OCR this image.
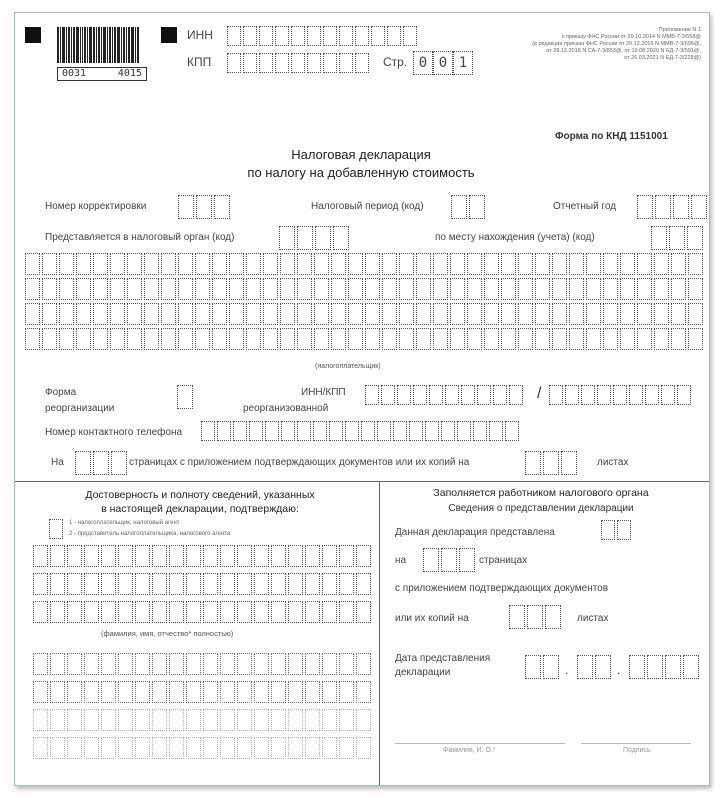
0031	4015
ИНН
КПП	Стр. 0 0 1
Приложение N 1
к приказу ФНС России от 29.10.2014 N ММВ-7-3/558@
(в редакции приказа ФНС России от 20.12.2016 N ММВ-7-3/696@,
от 28.12.2018 N СА-7-3/853@, от 19.08.2020 N ЕД-7-3/591@,
от 26.03.2021 N ЕД-7-3/228@)
Форма по КНД 1151001
Налоговая декларация
по налогу на добавленную стоимость
Номер корректировки	Налоговый период (код)	Отчетный год
Представляется в налоговый орган (код)	по месту нахождения (учета) (код)
(налогоплательщик)
Форма
реорганизации
ИНН/КПП
реорганизованной
/
Номер контактного телефона
На	страницах с приложением подтверждающих документов или их копий на	листах
Достоверность и полноту сведений, указанных
в настоящей декларации, подтверждаю:
1 - налогоплательщик, налоговый агент
2 - представитель налогоплательщика, налогового агента
(фамилия, имя, отчество* полностью)
Заполняется работником налогового органа
Сведения о представлении декларации
Данная декларация представлена
на	страницах
с приложением подтверждающих документов
или их копий на	листах
Дата представления
декларации	.	.
Фамилия, И. О.*	Подпись
